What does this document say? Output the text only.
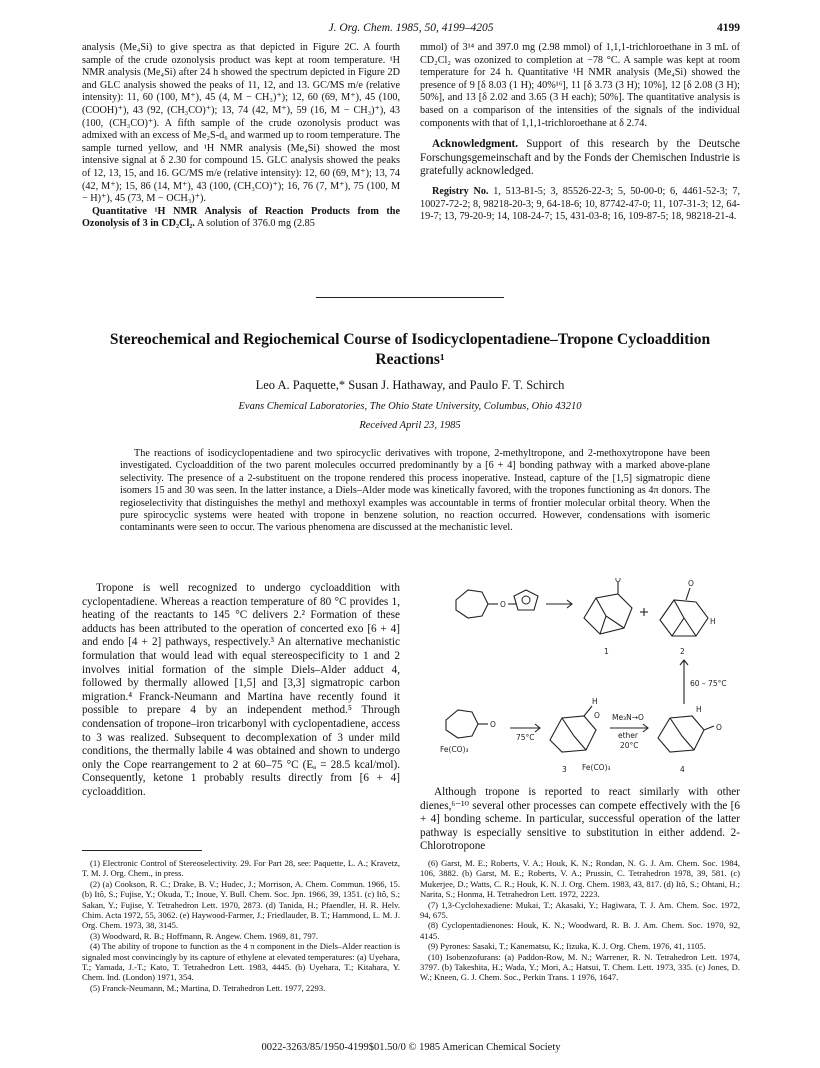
J. Org. Chem. 1985, 50, 4199–4205	4199

analysis (Me₄Si) to give spectra as that depicted in Figure 2C. A fourth sample of the crude ozonolysis product was kept at room temperature. ¹H NMR analysis (Me₄Si) after 24 h showed the spectrum depicted in Figure 2D and GLC analysis showed the peaks of 11, 12, and 13. GC/MS m/e (relative intensity): 11, 60 (100, M⁺), 45 (4, M − CH₃)⁺); 12, 60 (69, M⁺), 45 (100, (COOH)⁺), 43 (92, (CH₃CO)⁺); 13, 74 (42, M⁺), 59 (16, M − CH₃)⁺), 43 (100, (CH₃CO)⁺). A fifth sample of the crude ozonolysis product was admixed with an excess of Me₂S-d₆ and warmed up to room temperature. The sample turned yellow, and ¹H NMR analysis (Me₄Si) showed the most intensive signal at δ 2.30 for compound 15. GLC analysis showed the peaks of 12, 13, 15, and 16. GC/MS m/e (relative intensity): 12, 60 (69, M⁺); 13, 74 (42, M⁺); 15, 86 (14, M⁺), 43 (100, (CH₃CO)⁺); 16, 76 (7, M⁺), 75 (100, M − H)⁺), 45 (73, M − OCH₃)⁺).

Quantitative ¹H NMR Analysis of Reaction Products from the Ozonolysis of 3 in CD₂Cl₂. A solution of 376.0 mg (2.85

mmol) of 3¹⁴ and 397.0 mg (2.98 mmol) of 1,1,1-trichloroethane in 3 mL of CD₂Cl₂ was ozonized to completion at −78 °C. A sample was kept at room temperature for 24 h. Quantitative ¹H NMR analysis (Me₄Si) showed the presence of 9 [δ 8.03 (1 H); 40%¹⁶], 11 [δ 3.73 (3 H); 10%], 12 [δ 2.08 (3 H); 50%], and 13 [δ 2.02 and 3.65 (3 H each); 50%]. The quantitative analysis is based on a comparison of the intensities of the signals of the individual components with that of 1,1,1-trichloroethane at δ 2.74.

Acknowledgment. Support of this research by the Deutsche Forschungsgemeinschaft and by the Fonds der Chemischen Industrie is gratefully acknowledged.

Registry No. 1, 513-81-5; 3, 85526-22-3; 5, 50-00-0; 6, 4461-52-3; 7, 10027-72-2; 8, 98218-20-3; 9, 64-18-6; 10, 87742-47-0; 11, 107-31-3; 12, 64-19-7; 13, 79-20-9; 14, 108-24-7; 15, 431-03-8; 16, 109-87-5; 18, 98218-21-4.

Stereochemical and Regiochemical Course of Isodicyclopentadiene–Tropone Cycloaddition Reactions¹
Leo A. Paquette,* Susan J. Hathaway, and Paulo F. T. Schirch
Evans Chemical Laboratories, The Ohio State University, Columbus, Ohio 43210
Received April 23, 1985
The reactions of isodicyclopentadiene and two spirocyclic derivatives with tropone, 2-methyltropone, and 2-methoxytropone have been investigated. Cycloaddition of the two parent molecules occurred predominantly by a [6 + 4] bonding pathway with a marked above-plane selectivity. The presence of a 2-substituent on the tropone rendered this process inoperative. Instead, capture of the [1,5] sigmatropic diene isomers 15 and 30 was seen. In the latter instance, a Diels–Alder mode was kinetically favored, with the tropones functioning as 4π donors. The regioselectivity that distinguishes the methyl and methoxyl examples was accountable in terms of frontier molecular orbital theory. When the pure spirocyclic systems were heated with tropone in benzene solution, no reaction occurred. However, condensations with isomeric contaminants were seen to occur. The various phenomena are discussed at the mechanistic level.

Tropone is well recognized to undergo cycloaddition with cyclopentadiene. Whereas a reaction temperature of 80 °C provides 1, heating of the reactants to 145 °C delivers 2.² Formation of these adducts has been attributed to the operation of concerted exo [6 + 4] and endo [4 + 2] pathways, respectively.³ An alternative mechanistic formulation that would lead with equal stereospecificity to 1 and 2 involves initial formation of the simple Diels–Alder adduct 4, followed by thermally allowed [1,5] and [3,3] sigmatropic carbon migration.⁴ Franck-Neumann and Martina have recently found it possible to prepare 4 by an independent method.⁵ Through condensation of tropone–iron tricarbonyl with cyclopentadiene, access to 3 was realized. Subsequent to decomplexation of 3 under mild conditions, the thermally labile 4 was obtained and shown to undergo only the Cope rearrangement to 2 at 60–75 °C (Eₐ = 28.5 kcal/mol). Consequently, ketone 1 probably results directly from [6 + 4] cycloaddition.

O
O	O
H
1	2
60 – 75°C
O
Fe(CO)₃
75°C
H
O
Fe(CO)₃
3
Me₃N→O
ether
20°C
H
O
4

Although tropone is reported to react similarly with other dienes,⁶⁻¹⁰ several other processes can compete effectively with the [6 + 4] bonding scheme. In particular, successful operation of the latter pathway is especially sensitive to substitution in either addend. 2-Chlorotropone

(1) Electronic Control of Stereoselectivity. 29. For Part 28, see: Paquette, L. A.; Kravetz, T. M. J. Org. Chem., in press.

(2) (a) Cookson, R. C.; Drake, B. V.; Hudec, J.; Morrison, A. Chem. Commun. 1966, 15. (b) Itô, S.; Fujise, Y.; Okuda, T.; Inoue, Y. Bull. Chem. Soc. Jpn. 1966, 39, 1351. (c) Itô, S.; Sakan, Y.; Fujise, Y. Tetrahedron Lett. 1970, 2873. (d) Tanida, H.; Pfaendler, H. R. Helv. Chim. Acta 1972, 55, 3062. (e) Haywood-Farmer, J.; Friedlauder, B. T.; Hammond, L. M. J. Org. Chem. 1973, 38, 3145.

(3) Woodward, R. B.; Hoffmann, R. Angew. Chem. 1969, 81, 797.

(4) The ability of tropone to function as the 4 π component in the Diels–Alder reaction is signaled most convincingly by its capture of ethylene at elevated temperatures: (a) Uyehara, T.; Yamada, J.-T.; Kato, T. Tetrahedron Lett. 1983, 4445. (b) Uyehara, T.; Kitahara, Y. Chem. Ind. (London) 1971, 354.

(5) Franck-Neumann, M.; Martina, D. Tetrahedron Lett. 1977, 2293.

(6) Garst, M. E.; Roberts, V. A.; Houk, K. N.; Rondan, N. G. J. Am. Chem. Soc. 1984, 106, 3882. (b) Garst, M. E.; Roberts, V. A.; Prussin, C. Tetrahedron 1978, 39, 581. (c) Mukerjee, D.; Watts, C. R.; Houk, K. N. J. Org. Chem. 1983, 43, 817. (d) Itô, S.; Ohtani, H.; Narita, S.; Honma, H. Tetrahedron Lett. 1972, 2223.

(7) 1,3-Cyclohexadiene: Mukai, T.; Akasaki, Y.; Hagiwara, T. J. Am. Chem. Soc. 1972, 94, 675.

(8) Cyclopentadienones: Houk, K. N.; Woodward, R. B. J. Am. Chem. Soc. 1970, 92, 4145.

(9) Pyrones: Sasaki, T.; Kanematsu, K.; Iizuka, K. J. Org. Chem. 1976, 41, 1105.

(10) Isobenzofurans: (a) Paddon-Row, M. N.; Warrener, R. N. Tetrahedron Lett. 1974, 3797. (b) Takeshita, H.; Wada, Y.; Mori, A.; Hatsui, T. Chem. Lett. 1973, 335. (c) Jones, D. W.; Kneen, G. J. Chem. Soc., Perkin Trans. 1 1976, 1647.

0022-3263/85/1950-4199$01.50/0 © 1985 American Chemical Society
